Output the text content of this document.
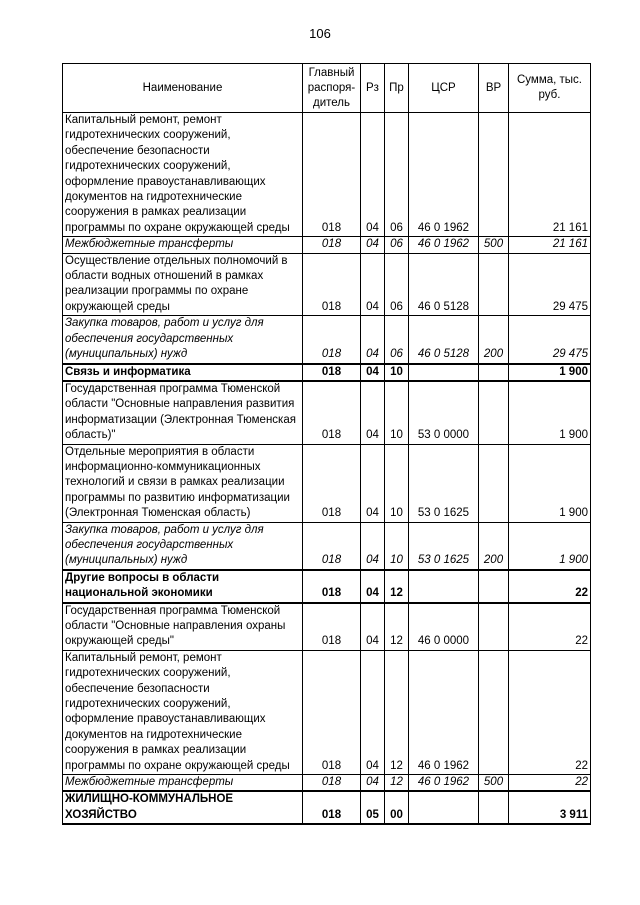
106
Наименование	Главный распоря-дитель	Рз	Пр	ЦСР	ВР	Сумма, тыс. руб.
Капитальный ремонт, ремонт гидротехнических сооружений, обеспечение безопасности гидротехнических сооружений, оформление правоустанавливающих документов на гидротехнические сооружения в рамках реализации программы по охране окружающей среды	018	04	06	46 0 1962		21 161
Межбюджетные трансферты	018	04	06	46 0 1962	500	21 161
Осуществление отдельных полномочий в области водных отношений в рамках реализации программы по охране окружающей среды	018	04	06	46 0 5128		29 475
Закупка товаров, работ и услуг для обеспечения государственных (муниципальных) нужд	018	04	06	46 0 5128	200	29 475
Связь и информатика	018	04	10			1 900
Государственная программа Тюменской области "Основные направления развития информатизации (Электронная Тюменская область)"	018	04	10	53 0 0000		1 900
Отдельные мероприятия в области информационно-коммуникационных технологий и связи в рамках реализации программы по развитию информатизации (Электронная Тюменская область)	018	04	10	53 0 1625		1 900
Закупка товаров, работ и услуг для обеспечения государственных (муниципальных) нужд	018	04	10	53 0 1625	200	1 900
Другие вопросы в области национальной экономики	018	04	12			22
Государственная программа Тюменской области "Основные направления охраны окружающей среды"	018	04	12	46 0 0000		22
Капитальный ремонт, ремонт гидротехнических сооружений, обеспечение безопасности гидротехнических сооружений, оформление правоустанавливающих документов на гидротехнические сооружения в рамках реализации программы по охране окружающей среды	018	04	12	46 0 1962		22
Межбюджетные трансферты	018	04	12	46 0 1962	500	22
ЖИЛИЩНО-КОММУНАЛЬНОЕ ХОЗЯЙСТВО	018	05	00			3 911
